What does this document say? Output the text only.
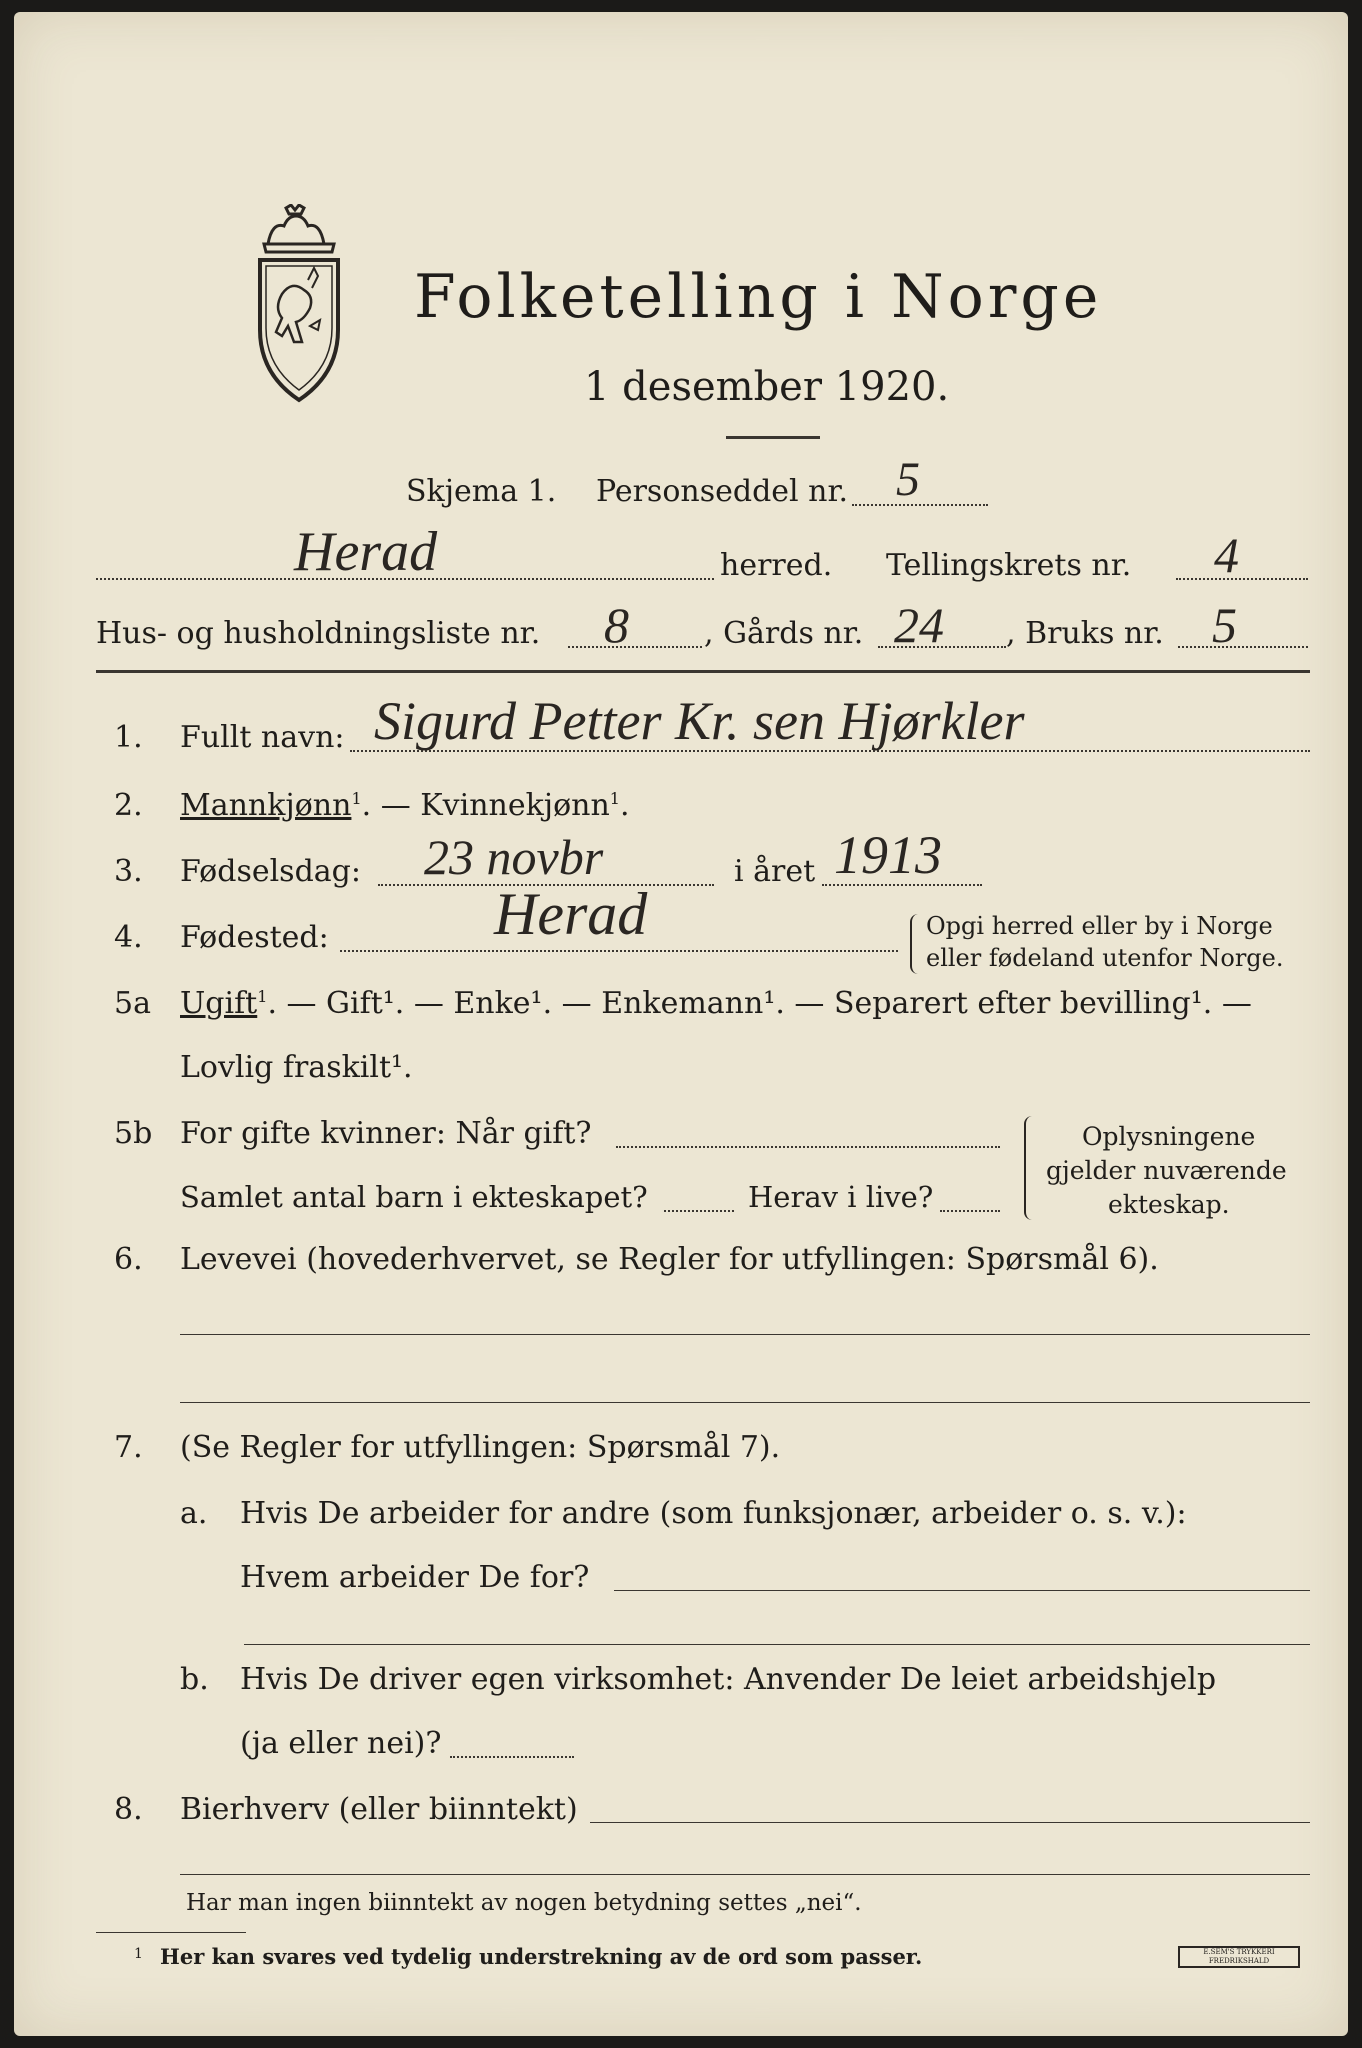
Folketelling i Norge
1 desember 1920.
Skjema 1. Personseddel nr. 5
Herad	herred. Tellingskrets nr. 4
Hus- og husholdningsliste nr. 8	, Gårds nr. 24 , Bruks nr. 5
1. Fullt navn: Sigurd Petter Kr. sen Hjørkler
2. Mannkjønn$^1$. — Kvinnekjønn$^1$.
3. Fødselsdag: 23 novbr	i året 1913
4. Fødested:	Herad	Opgi herred eller by i Norge
eller fødeland utenfor Norge.
5a Ugift$^1$. — Gift¹. — Enke¹. — Enkemann¹. — Separert efter bevilling¹. —
Lovlig fraskilt¹.
5b For gifte kvinner: Når gift?
Samlet antal barn i ekteskapet?	Herav i live?
Oplysningene
gjelder nuværende
ekteskap.
6. Levevei (hovederhvervet, se Regler for utfyllingen: Spørsmål 6).
7. (Se Regler for utfyllingen: Spørsmål 7).
a. Hvis De arbeider for andre (som funksjonær, arbeider o. s. v.):
Hvem arbeider De for?
b. Hvis De driver egen virksomhet: Anvender De leiet arbeidshjelp
(ja eller nei)?
8. Bierhverv (eller biinntekt)
Har man ingen biinntekt av nogen betydning settes „nei“.
1 Her kan svares ved tydelig understrekning av de ord som passer.	E.SEM'S TRYKKERI FREDRIKSHALD
